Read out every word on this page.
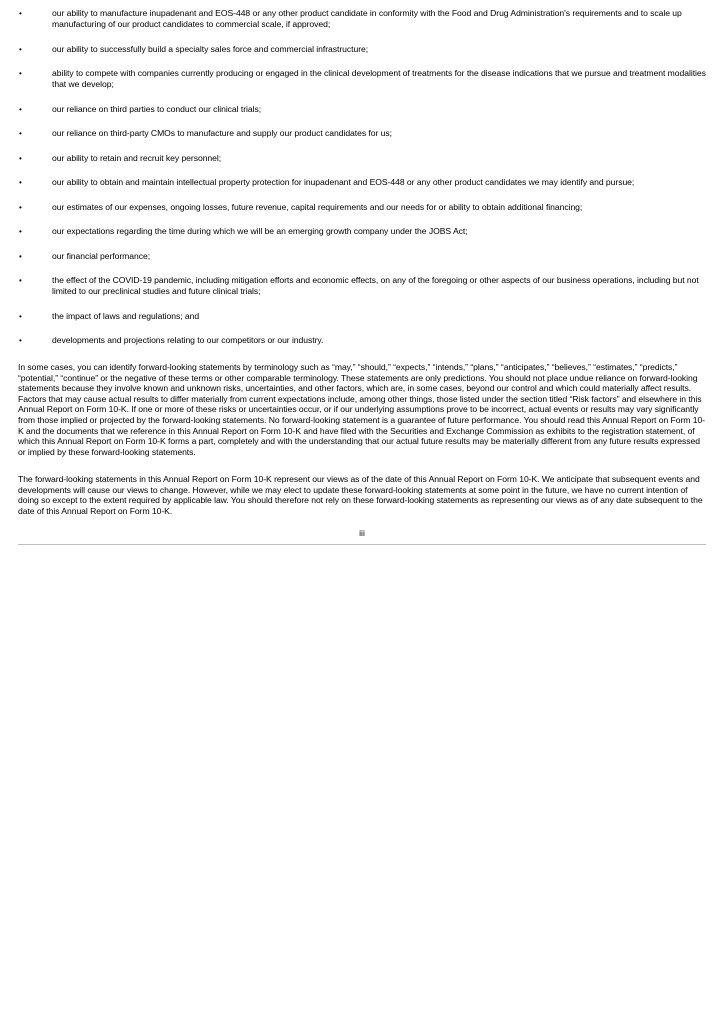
•	our ability to manufacture inupadenant and EOS-448 or any other product candidate in conformity with the Food and Drug Administration's requirements and to scale up manufacturing of our product candidates to commercial scale, if approved;
•	our ability to successfully build a specialty sales force and commercial infrastructure;
•	ability to compete with companies currently producing or engaged in the clinical development of treatments for the disease indications that we pursue and treatment modalities that we develop;
•	our reliance on third parties to conduct our clinical trials;
•	our reliance on third-party CMOs to manufacture and supply our product candidates for us;
•	our ability to retain and recruit key personnel;
•	our ability to obtain and maintain intellectual property protection for inupadenant and EOS-448 or any other product candidates we may identify and pursue;
•	our estimates of our expenses, ongoing losses, future revenue, capital requirements and our needs for or ability to obtain additional financing;
•	our expectations regarding the time during which we will be an emerging growth company under the JOBS Act;
•	our financial performance;
•	the effect of the COVID-19 pandemic, including mitigation efforts and economic effects, on any of the foregoing or other aspects of our business operations, including but not limited to our preclinical studies and future clinical trials;
•	the impact of laws and regulations; and
•	developments and projections relating to our competitors or our industry.

In some cases, you can identify forward-looking statements by terminology such as “may,” “should,” “expects,” “intends,” “plans,” “anticipates,” “believes,” “estimates,” “predicts,” “potential,” “continue” or the negative of these terms or other comparable terminology. These statements are only predictions. You should not place undue reliance on forward-looking statements because they involve known and unknown risks, uncertainties, and other factors, which are, in some cases, beyond our control and which could materially affect results. Factors that may cause actual results to differ materially from current expectations include, among other things, those listed under the section titled “Risk factors” and elsewhere in this Annual Report on Form 10-K. If one or more of these risks or uncertainties occur, or if our underlying assumptions prove to be incorrect, actual events or results may vary significantly from those implied or projected by the forward-looking statements. No forward-looking statement is a guarantee of future performance. You should read this Annual Report on Form 10-K and the documents that we reference in this Annual Report on Form 10-K and have filed with the Securities and Exchange Commission as exhibits to the registration statement, of which this Annual Report on Form 10-K forms a part, completely and with the understanding that our actual future results may be materially different from any future results expressed or implied by these forward-looking statements.

The forward-looking statements in this Annual Report on Form 10-K represent our views as of the date of this Annual Report on Form 10-K. We anticipate that subsequent events and developments will cause our views to change. However, while we may elect to update these forward-looking statements at some point in the future, we have no current intention of doing so except to the extent required by applicable law. You should therefore not rely on these forward-looking statements as representing our views as of any date subsequent to the date of this Annual Report on Form 10-K.

iii
